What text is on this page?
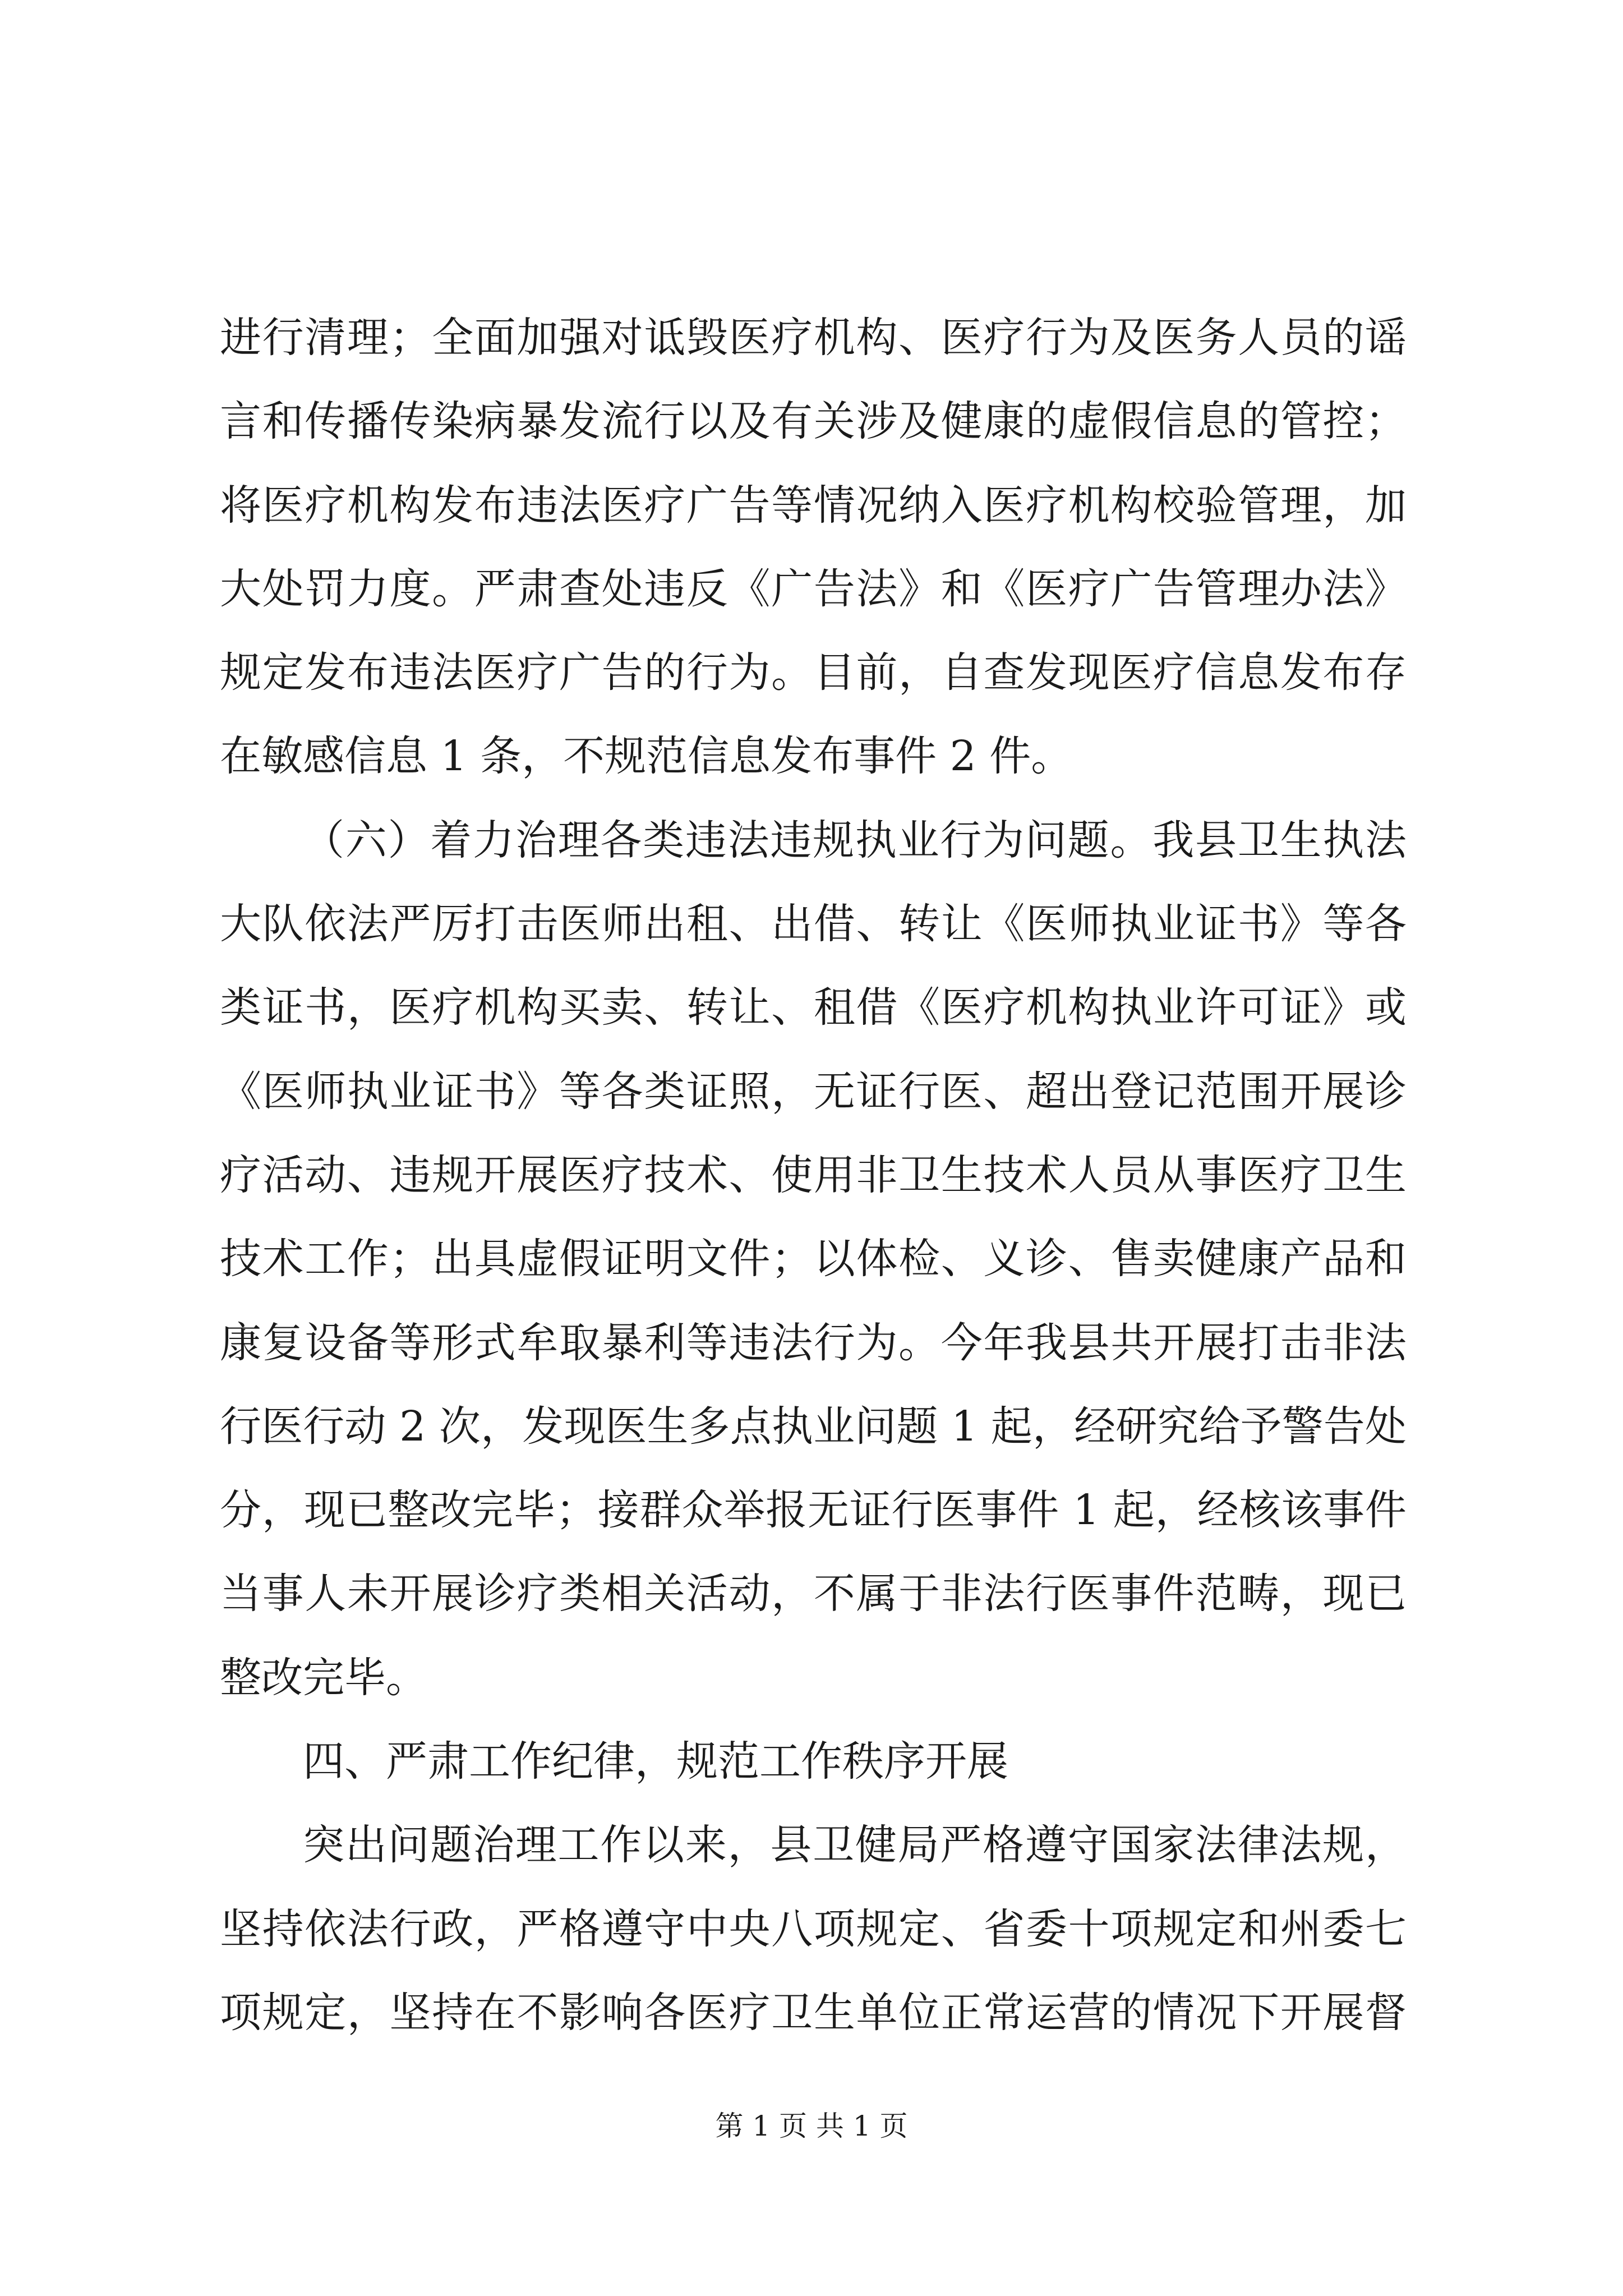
进行清理；全面加强对诋毁医疗机构、医疗行为及医务人员的谣
言和传播传染病暴发流行以及有关涉及健康的虚假信息的管控；
将医疗机构发布违法医疗广告等情况纳入医疗机构校验管理，加
大处罚力度。严肃查处违反《广告法》和《医疗广告管理办法》
规定发布违法医疗广告的行为。目前，自查发现医疗信息发布存
在敏感信息 1 条，不规范信息发布事件 2 件。
（六）着力治理各类违法违规执业行为问题。我县卫生执法
大队依法严厉打击医师出租、出借、转让《医师执业证书》等各
类证书，医疗机构买卖、转让、租借《医疗机构执业许可证》或
《医师执业证书》等各类证照，无证行医、超出登记范围开展诊
疗活动、违规开展医疗技术、使用非卫生技术人员从事医疗卫生
技术工作；出具虚假证明文件；以体检、义诊、售卖健康产品和
康复设备等形式牟取暴利等违法行为。今年我县共开展打击非法
行医行动 2 次，发现医生多点执业问题 1 起，经研究给予警告处
分，现已整改完毕；接群众举报无证行医事件 1 起，经核该事件
当事人未开展诊疗类相关活动，不属于非法行医事件范畴，现已
整改完毕。
四、严肃工作纪律，规范工作秩序开展
突出问题治理工作以来，县卫健局严格遵守国家法律法规，
坚持依法行政，严格遵守中央八项规定、省委十项规定和州委七
项规定，坚持在不影响各医疗卫生单位正常运营的情况下开展督
第 1 页 共 1 页
